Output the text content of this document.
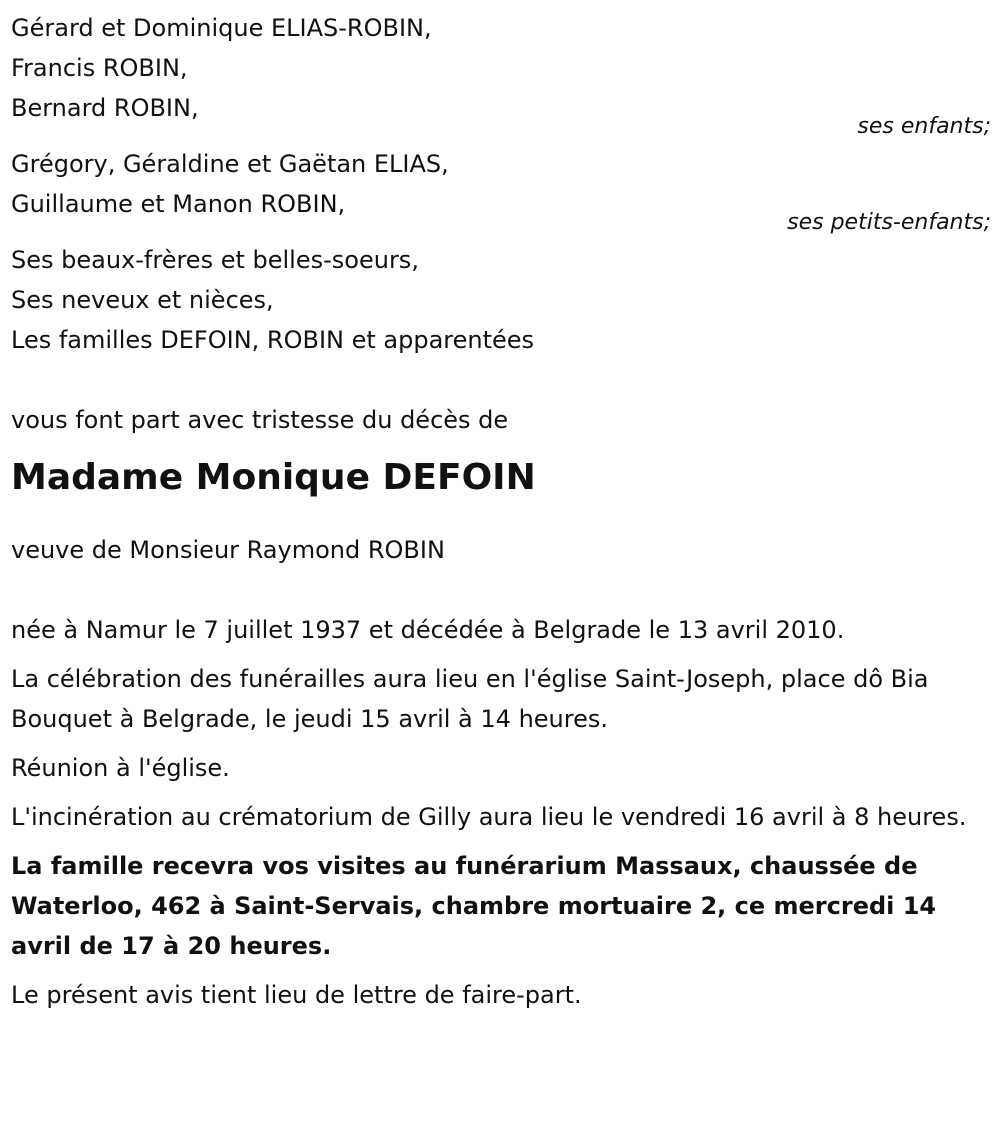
Gérard et Dominique ELIAS-ROBIN,
Francis ROBIN,
Bernard ROBIN,
ses enfants;
Grégory, Géraldine et Gaëtan ELIAS,
Guillaume et Manon ROBIN,
ses petits-enfants;
Ses beaux-frères et belles-soeurs,
Ses neveux et nièces,
Les familles DEFOIN, ROBIN et apparentées
vous font part avec tristesse du décès de
Madame Monique DEFOIN
veuve de Monsieur Raymond ROBIN
née à Namur le 7 juillet 1937 et décédée à Belgrade le 13 avril 2010.
La célébration des funérailles aura lieu en l'église Saint-Joseph, place dô Bia Bouquet à Belgrade, le jeudi 15 avril à 14 heures.
Réunion à l'église.
L'incinération au crématorium de Gilly aura lieu le vendredi 16 avril à 8 heures.
La famille recevra vos visites au funérarium Massaux, chaussée de Waterloo, 462 à Saint-Servais, chambre mortuaire 2, ce mercredi 14 avril de 17 à 20 heures.
Le présent avis tient lieu de lettre de faire-part.
